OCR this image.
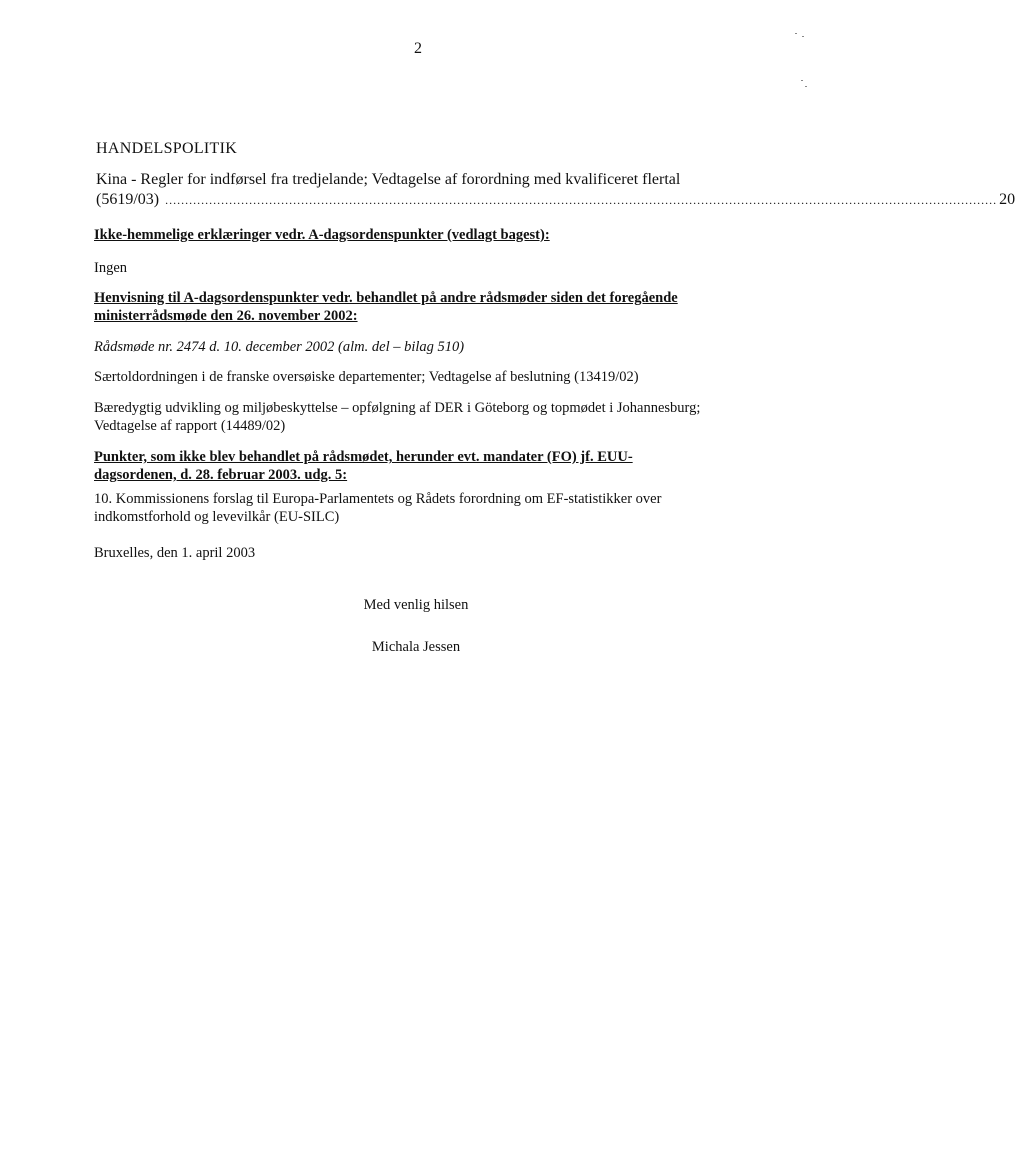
2
HANDELSPOLITIK
Kina - Regler for indførsel fra tredjelande; Vedtagelse af forordning med kvalificeret flertal
(5619/03) ................................................................................................................................................................................................................ 20
Ikke-hemmelige erklæringer vedr. A-dagsordenspunkter (vedlagt bagest):
Ingen
Henvisning til A-dagsordenspunkter vedr. behandlet på andre rådsmøder siden det foregående
ministerrådsmøde den 26. november 2002:
Rådsmøde nr. 2474 d. 10. december 2002 (alm. del – bilag 510)
Særtoldordningen i de franske oversøiske departementer; Vedtagelse af beslutning (13419/02)
Bæredygtig udvikling og miljøbeskyttelse – opfølgning af DER i Göteborg og topmødet i Johannesburg;
Vedtagelse af rapport (14489/02)
Punkter, som ikke blev behandlet på rådsmødet, herunder evt. mandater (FO) jf. EUU-
dagsordenen, d. 28. februar 2003. udg. 5:
10. Kommissionens forslag til Europa-Parlamentets og Rådets forordning om EF-statistikker over
indkomstforhold og levevilkår (EU-SILC)
Bruxelles, den 1. april 2003
Med venlig hilsen
Michala Jessen
